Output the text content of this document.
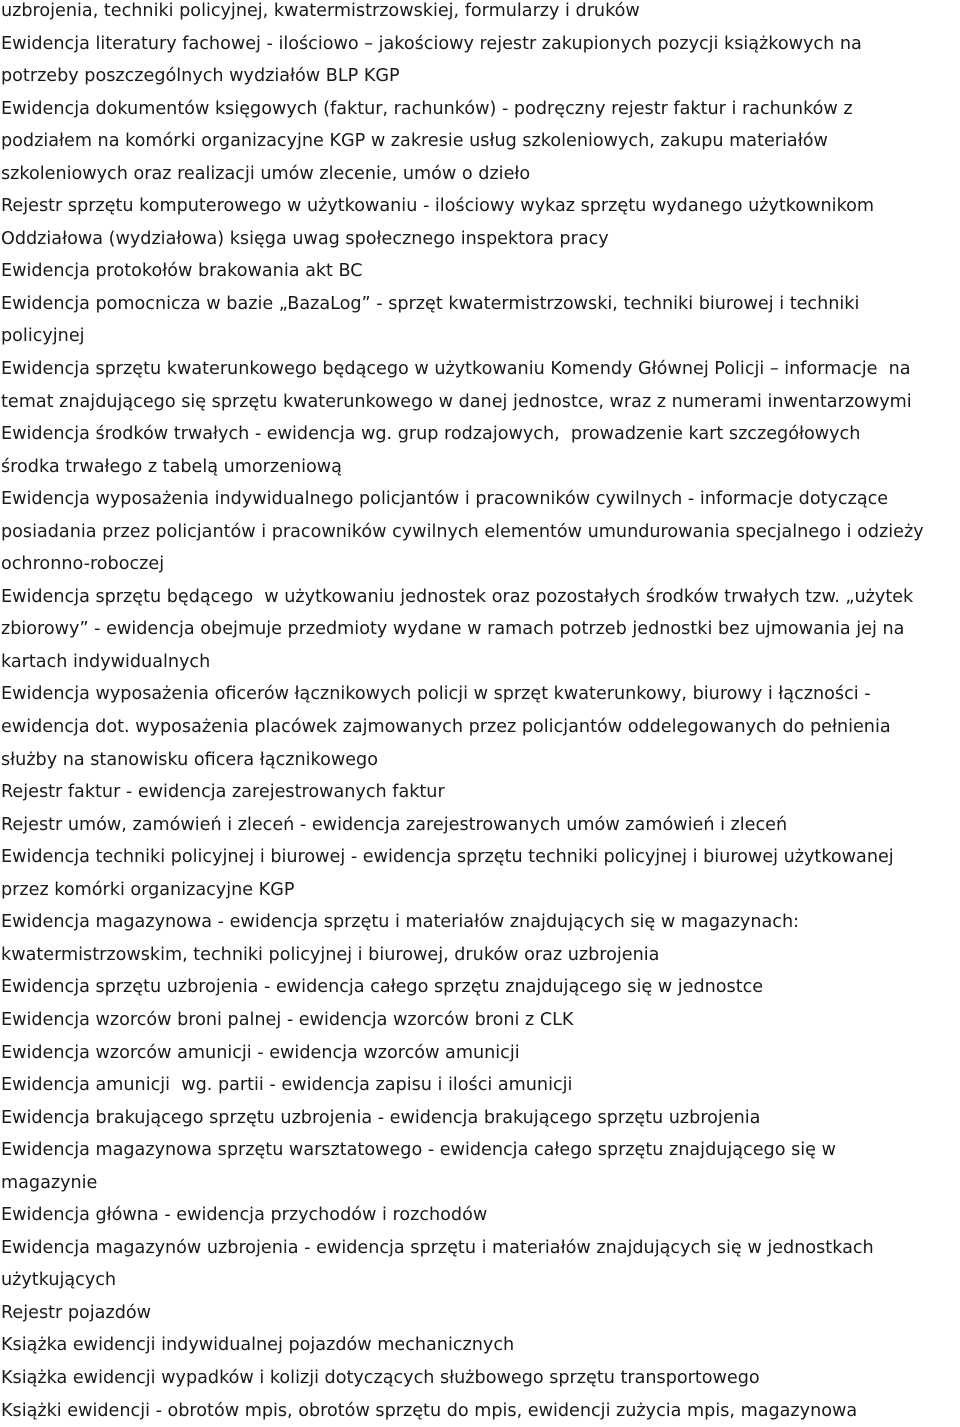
uzbrojenia, techniki policyjnej, kwatermistrzowskiej, formularzy i druków
Ewidencja literatury fachowej - ilościowo – jakościowy rejestr zakupionych pozycji książkowych na
potrzeby poszczególnych wydziałów BLP KGP
Ewidencja dokumentów księgowych (faktur, rachunków) - podręczny rejestr faktur i rachunków z
podziałem na komórki organizacyjne KGP w zakresie usług szkoleniowych, zakupu materiałów
szkoleniowych oraz realizacji umów zlecenie, umów o dzieło
Rejestr sprzętu komputerowego w użytkowaniu - ilościowy wykaz sprzętu wydanego użytkownikom
Oddziałowa (wydziałowa) księga uwag społecznego inspektora pracy
Ewidencja protokołów brakowania akt BC
Ewidencja pomocnicza w bazie „BazaLog” - sprzęt kwatermistrzowski, techniki biurowej i techniki
policyjnej
Ewidencja sprzętu kwaterunkowego będącego w użytkowaniu Komendy Głównej Policji – informacje  na
temat znajdującego się sprzętu kwaterunkowego w danej jednostce, wraz z numerami inwentarzowymi
Ewidencja środków trwałych - ewidencja wg. grup rodzajowych,  prowadzenie kart szczegółowych
środka trwałego z tabelą umorzeniową
Ewidencja wyposażenia indywidualnego policjantów i pracowników cywilnych - informacje dotyczące
posiadania przez policjantów i pracowników cywilnych elementów umundurowania specjalnego i odzieży
ochronno-roboczej
Ewidencja sprzętu będącego  w użytkowaniu jednostek oraz pozostałych środków trwałych tzw. „użytek
zbiorowy” - ewidencja obejmuje przedmioty wydane w ramach potrzeb jednostki bez ujmowania jej na
kartach indywidualnych
Ewidencja wyposażenia oficerów łącznikowych policji w sprzęt kwaterunkowy, biurowy i łączności -
ewidencja dot. wyposażenia placówek zajmowanych przez policjantów oddelegowanych do pełnienia
służby na stanowisku oficera łącznikowego
Rejestr faktur - ewidencja zarejestrowanych faktur
Rejestr umów, zamówień i zleceń - ewidencja zarejestrowanych umów zamówień i zleceń
Ewidencja techniki policyjnej i biurowej - ewidencja sprzętu techniki policyjnej i biurowej użytkowanej
przez komórki organizacyjne KGP
Ewidencja magazynowa - ewidencja sprzętu i materiałów znajdujących się w magazynach:
kwatermistrzowskim, techniki policyjnej i biurowej, druków oraz uzbrojenia
Ewidencja sprzętu uzbrojenia - ewidencja całego sprzętu znajdującego się w jednostce
Ewidencja wzorców broni palnej - ewidencja wzorców broni z CLK
Ewidencja wzorców amunicji - ewidencja wzorców amunicji
Ewidencja amunicji  wg. partii - ewidencja zapisu i ilości amunicji
Ewidencja brakującego sprzętu uzbrojenia - ewidencja brakującego sprzętu uzbrojenia
Ewidencja magazynowa sprzętu warsztatowego - ewidencja całego sprzętu znajdującego się w
magazynie
Ewidencja główna - ewidencja przychodów i rozchodów
Ewidencja magazynów uzbrojenia - ewidencja sprzętu i materiałów znajdujących się w jednostkach
użytkujących
Rejestr pojazdów
Książka ewidencji indywidualnej pojazdów mechanicznych
Książka ewidencji wypadków i kolizji dotyczących służbowego sprzętu transportowego
Książki ewidencji - obrotów mpis, obrotów sprzętu do mpis, ewidencji zużycia mpis, magazynowa
